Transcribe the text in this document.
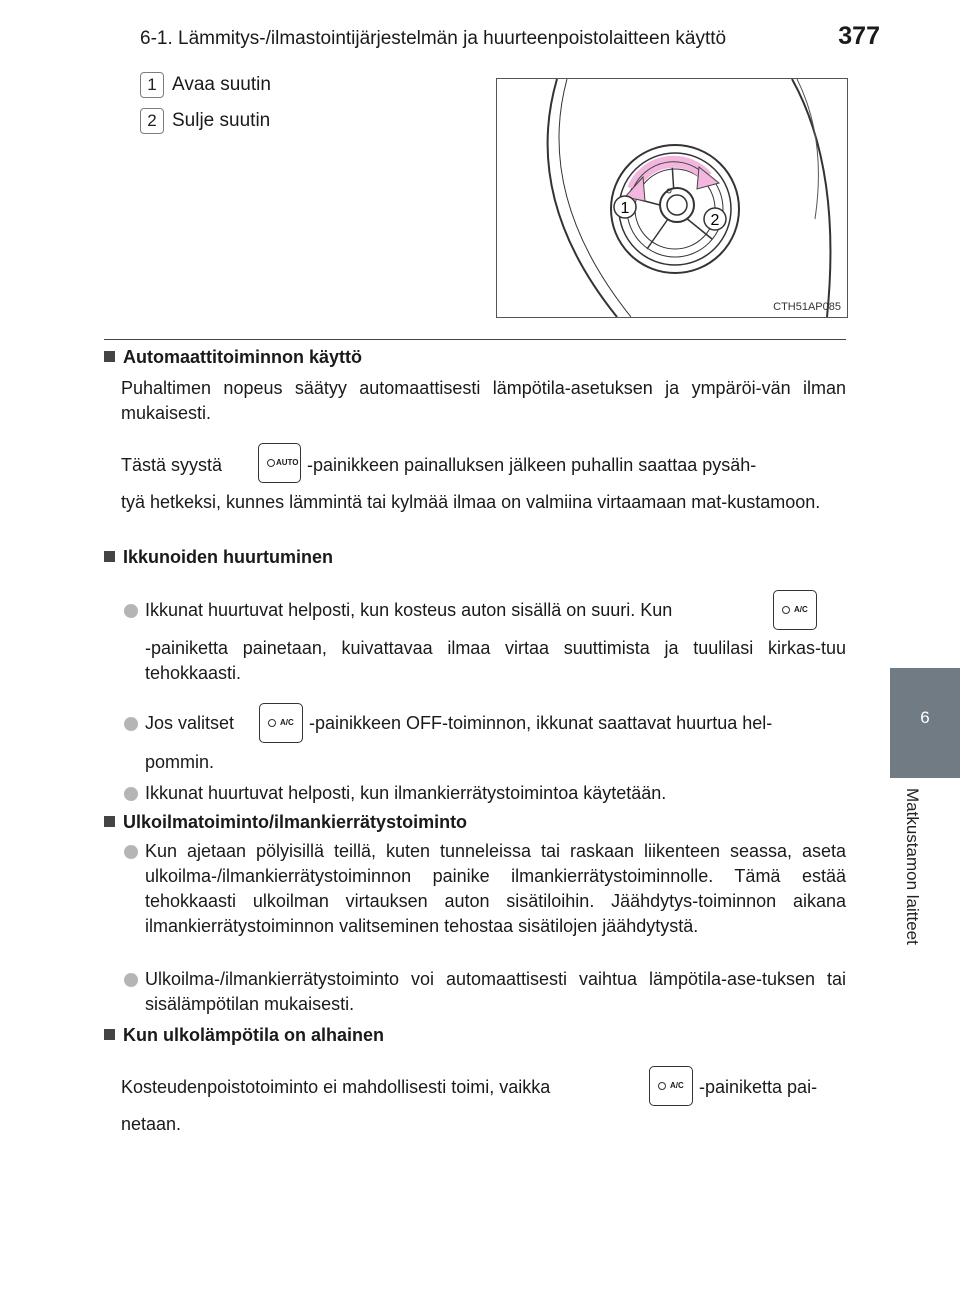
6-1. Lämmitys-/ilmastointijärjestelmän ja huurteenpoistolaitteen käyttö	377
6
Matkustamon laitteet
1 Avaa suutin
2 Sulje suutin
1
2
CTH51AP085
Automaattitoiminnon käyttö
Puhaltimen nopeus säätyy automaattisesti lämpötila-asetuksen ja ympäröi-vän ilman mukaisesti.
Tästä syystä	AUTO -painikkeen painalluksen jälkeen puhallin saattaa pysäh-
tyä hetkeksi, kunnes lämmintä tai kylmää ilmaa on valmiina virtaamaan mat-kustamoon.
Ikkunoiden huurtuminen
Ikkunat huurtuvat helposti, kun kosteus auton sisällä on suuri. Kun	A/C
-painiketta painetaan, kuivattavaa ilmaa virtaa suuttimista ja tuulilasi kirkas-tuu tehokkaasti.
Jos valitset	A/C -painikkeen OFF-toiminnon, ikkunat saattavat huurtua hel-
pommin.
Ikkunat huurtuvat helposti, kun ilmankierrätystoimintoa käytetään.
Ulkoilmatoiminto/ilmankierrätystoiminto
Kun ajetaan pölyisillä teillä, kuten tunneleissa tai raskaan liikenteen seassa, aseta ulkoilma-/ilmankierrätystoiminnon painike ilmankierrätystoiminnolle. Tämä estää tehokkaasti ulkoilman virtauksen auton sisätiloihin. Jäähdytys-toiminnon aikana ilmankierrätystoiminnon valitseminen tehostaa sisätilojen jäähdytystä.
Ulkoilma-/ilmankierrätystoiminto voi automaattisesti vaihtua lämpötila-ase-tuksen tai sisälämpötilan mukaisesti.
Kun ulkolämpötila on alhainen
Kosteudenpoistotoiminto ei mahdollisesti toimi, vaikka	A/C -painiketta pai-
netaan.
